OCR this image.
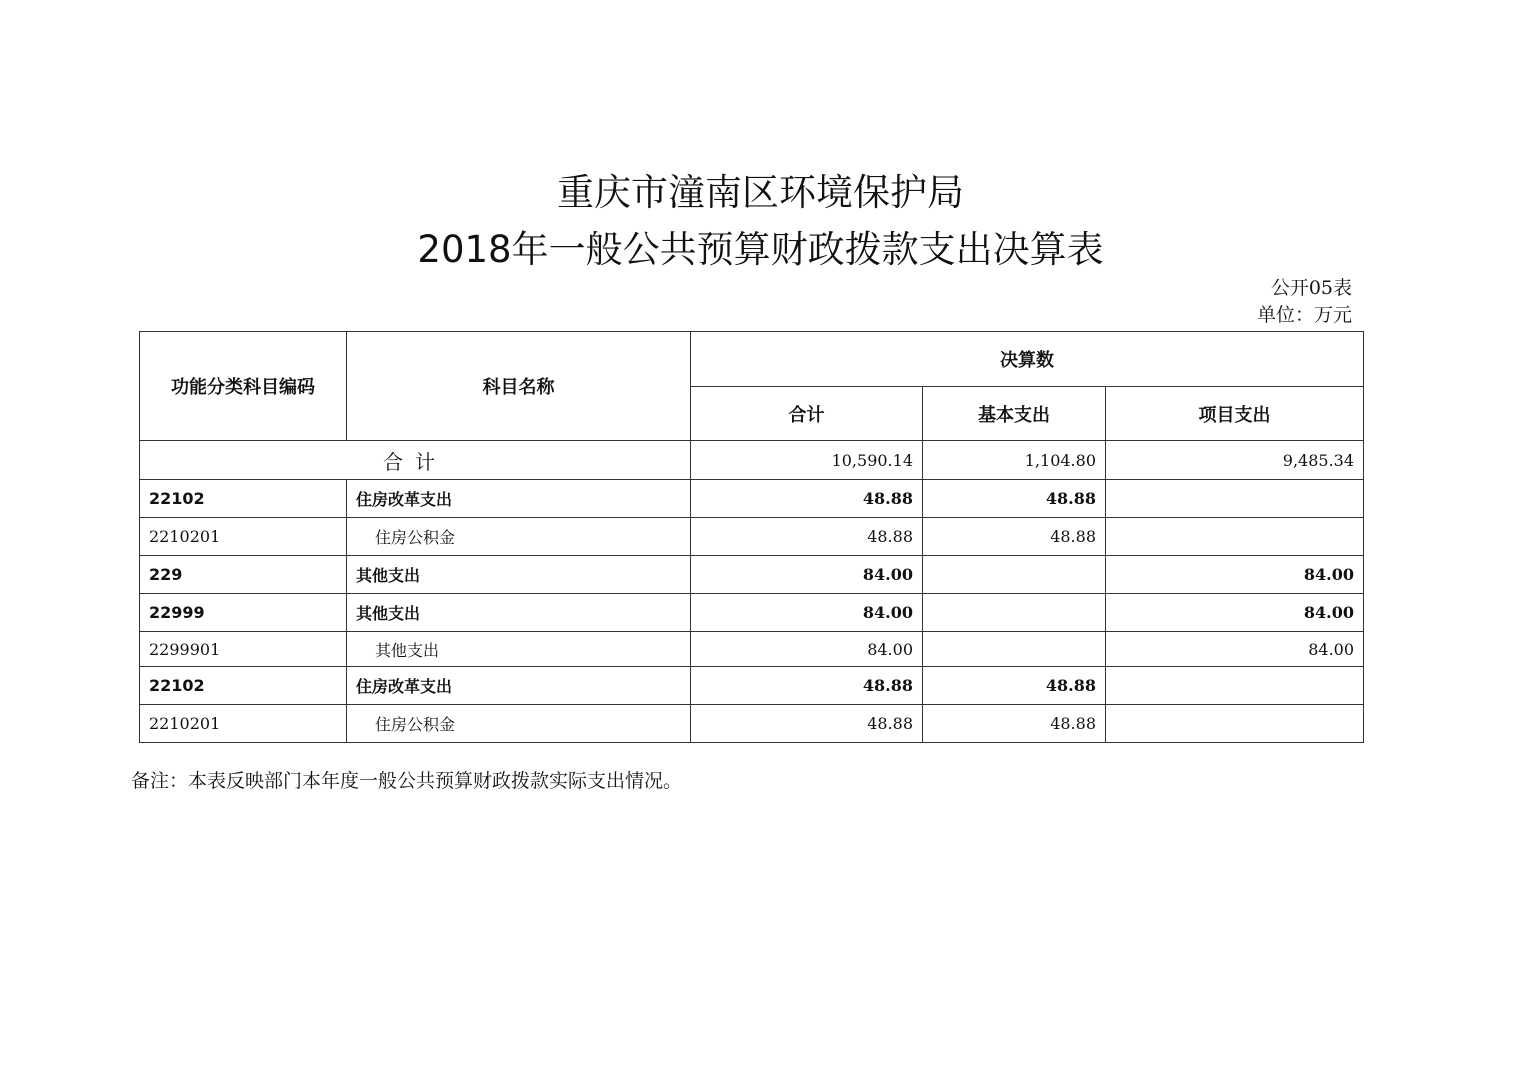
重庆市潼南区环境保护局
2018年一般公共预算财政拨款支出决算表
公开05表
单位：万元
功能分类科目编码	科目名称	决算数		
		合计	基本支出	项目支出
合计		10,590.14	1,104.80	9,485.34
22102	住房改革支出	48.88	48.88	
2210201	住房公积金	48.88	48.88	
229	其他支出	84.00		84.00
22999	其他支出	84.00		84.00
2299901	其他支出	84.00		84.00
22102	住房改革支出	48.88	48.88	
2210201	住房公积金	48.88	48.88	
备注：本表反映部门本年度一般公共预算财政拨款实际支出情况。
